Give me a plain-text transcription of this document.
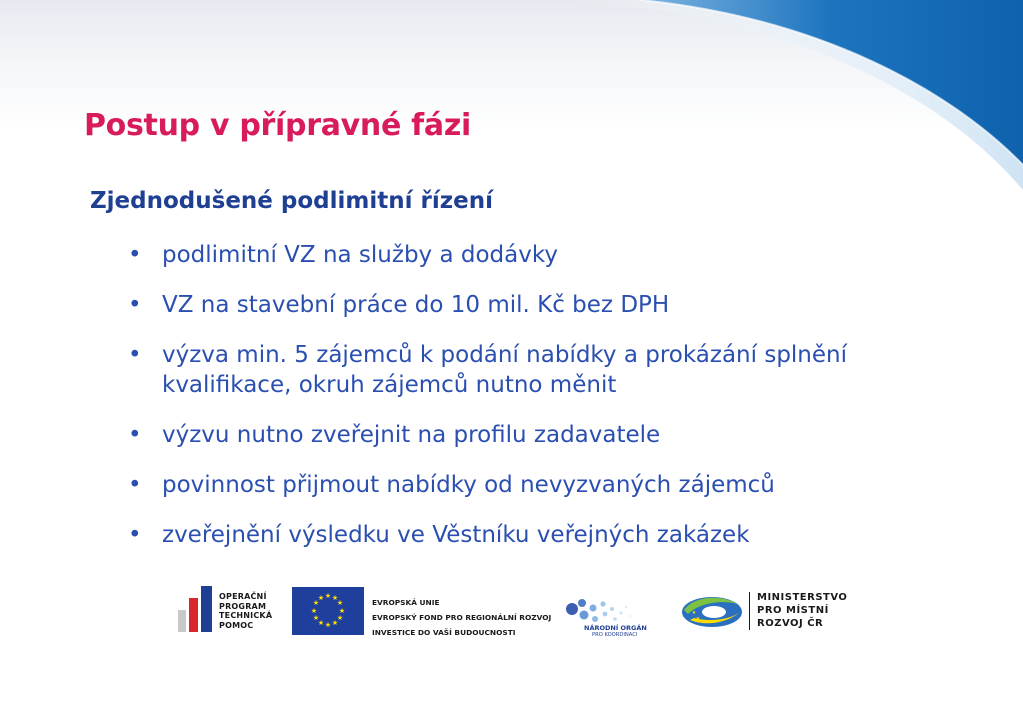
Postup v přípravné fázi
Zjednodušené podlimitní řízení
• podlimitní VZ na služby a dodávky
• VZ na stavební práce do 10 mil. Kč bez DPH
• výzva min. 5 zájemců k podání nabídky a prokázání splnění kvalifikace, okruh zájemců nutno měnit
• výzvu nutno zveřejnit na profilu zadavatele
• povinnost přijmout nabídky od nevyzvaných zájemců
• zveřejnění výsledku ve Věstníku veřejných zakázek
OPERAČNÍ
PROGRAM
TECHNICKÁ
POMOC
★ ★
★
★
★
★
★
★
★
★
★
★	EVROPSKÁ UNIE
EVROPSKÝ FOND PRO REGIONÁLNÍ ROZVOJ
INVESTICE DO VAŠÍ BUDOUCNOSTI	NÁRODNÍ ORGÁN
PRO KOORDINACI
★
★
MINISTERSTVO
PRO MÍSTNÍ
ROZVOJ ČR
